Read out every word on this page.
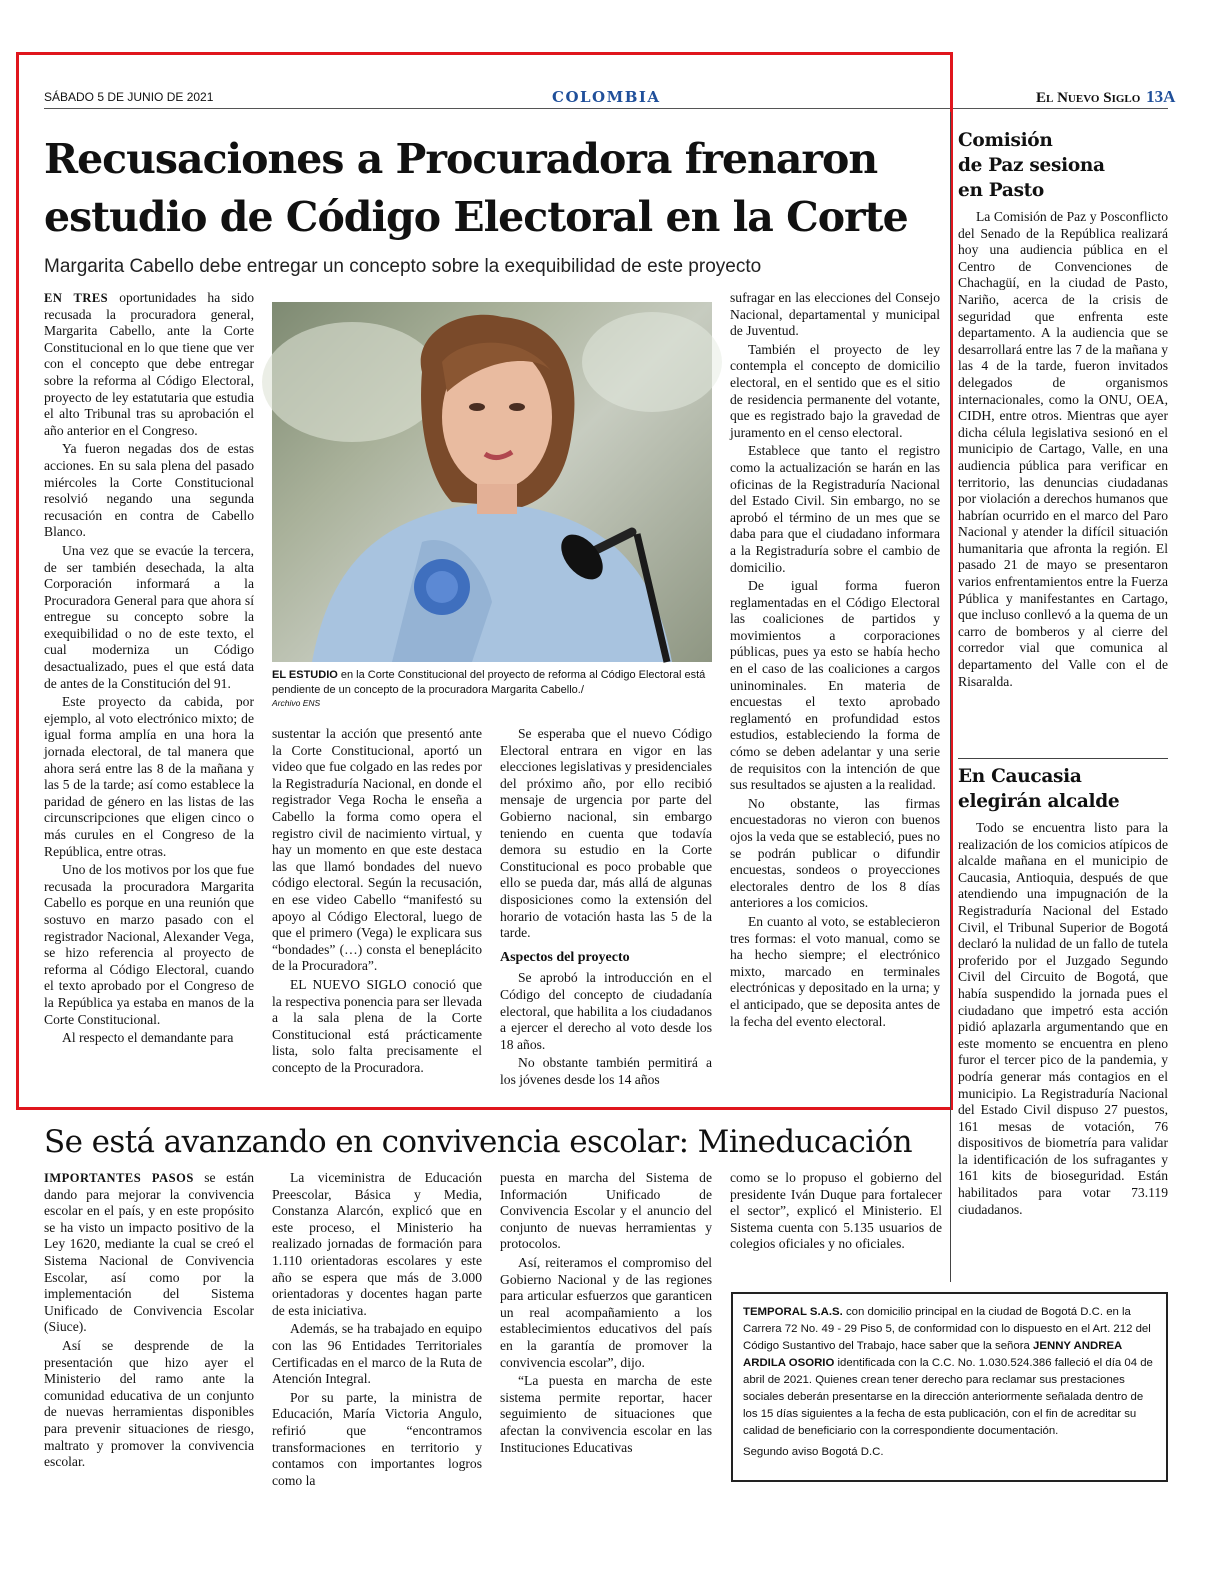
SÁBADO 5 DE JUNIO DE 2021	COLOMBIA	El Nuevo Siglo 13A
Recusaciones a Procuradora frenaron
estudio de Código Electoral en la Corte
Margarita Cabello debe entregar un concepto sobre la exequibilidad de este proyecto

EN TRES oportunidades ha sido recusada la procuradora general, Margarita Cabello, ante la Corte Constitucional en lo que tiene que ver con el concepto que debe entregar sobre la reforma al Código Electoral, proyecto de ley estatutaria que estudia el alto Tribunal tras su aprobación el año anterior en el Congreso.

Ya fueron negadas dos de estas acciones. En su sala plena del pasado miércoles la Corte Constitucional resolvió negando una segunda recusación en contra de Cabello Blanco.

Una vez que se evacúe la tercera, de ser también desechada, la alta Corporación informará a la Procuradora General para que ahora sí entregue su concepto sobre la exequibilidad o no de este texto, el cual moderniza un Código desactualizado, pues el que está data de antes de la Constitución del 91.

Este proyecto da cabida, por ejemplo, al voto electrónico mixto; de igual forma amplía en una hora la jornada electoral, de tal manera que ahora será entre las 8 de la mañana y las 5 de la tarde; así como establece la paridad de género en las listas de las circunscripciones que eligen cinco o más curules en el Congreso de la República, entre otras.

Uno de los motivos por los que fue recusada la procuradora Margarita Cabello es porque en una reunión que sostuvo en marzo pasado con el registrador Nacional, Alexander Vega, se hizo referencia al proyecto de reforma al Código Electoral, cuando el texto aprobado por el Congreso de la República ya estaba en manos de la Corte Constitucional.

Al respecto el demandante para

EL ESTUDIO en la Corte Constitucional del proyecto de reforma al Código Electoral está pendiente de un concepto de la procuradora Margarita Cabello./
Archivo ENS

sustentar la acción que presentó ante la Corte Constitucional, aportó un video que fue colgado en las redes por la Registraduría Nacional, en donde el registrador Vega Rocha le enseña a Cabello la forma como opera el registro civil de nacimiento virtual, y hay un momento en que este destaca las que llamó bondades del nuevo código electoral. Según la recusación, en ese video Cabello “manifestó su apoyo al Código Electoral, luego de que el primero (Vega) le explicara sus “bondades” (…) consta el beneplácito de la Procuradora”.

EL NUEVO SIGLO conoció que la respectiva ponencia para ser llevada a la sala plena de la Corte Constitucional está prácticamente lista, solo falta precisamente el concepto de la Procuradora.

Se esperaba que el nuevo Código Electoral entrara en vigor en las elecciones legislativas y presidenciales del próximo año, por ello recibió mensaje de urgencia por parte del Gobierno nacional, sin embargo teniendo en cuenta que todavía demora su estudio en la Corte Constitucional es poco probable que ello se pueda dar, más allá de algunas disposiciones como la extensión del horario de votación hasta las 5 de la tarde.

Aspectos del proyecto

Se aprobó la introducción en el Código del concepto de ciudadanía electoral, que habilita a los ciudadanos a ejercer el derecho al voto desde los 18 años.

No obstante también permitirá a los jóvenes desde los 14 años

sufragar en las elecciones del Consejo Nacional, departamental y municipal de Juventud.

También el proyecto de ley contempla el concepto de domicilio electoral, en el sentido que es el sitio de residencia permanente del votante, que es registrado bajo la gravedad de juramento en el censo electoral.

Establece que tanto el registro como la actualización se harán en las oficinas de la Registraduría Nacional del Estado Civil. Sin embargo, no se aprobó el término de un mes que se daba para que el ciudadano informara a la Registraduría sobre el cambio de domicilio.

De igual forma fueron reglamentadas en el Código Electoral las coaliciones de partidos y movimientos a corporaciones públicas, pues ya esto se había hecho en el caso de las coaliciones a cargos uninominales. En materia de encuestas el texto aprobado reglamentó en profundidad estos estudios, estableciendo la forma de cómo se deben adelantar y una serie de requisitos con la intención de que sus resultados se ajusten a la realidad.

No obstante, las firmas encuestadoras no vieron con buenos ojos la veda que se estableció, pues no se podrán publicar o difundir encuestas, sondeos o proyecciones electorales dentro de los 8 días anteriores a los comicios.

En cuanto al voto, se establecieron tres formas: el voto manual, como se ha hecho siempre; el electrónico mixto, marcado en terminales electrónicas y depositado en la urna; y el anticipado, que se deposita antes de la fecha del evento electoral.

Comisión
de Paz sesiona
en Pasto

La Comisión de Paz y Posconflicto del Senado de la República realizará hoy una audiencia pública en el Centro de Convenciones de Chachagüí, en la ciudad de Pasto, Nariño, acerca de la crisis de seguridad que enfrenta este departamento. A la audiencia que se desarrollará entre las 7 de la mañana y las 4 de la tarde, fueron invitados delegados de organismos internacionales, como la ONU, OEA, CIDH, entre otros. Mientras que ayer dicha célula legislativa sesionó en el municipio de Cartago, Valle, en una audiencia pública para verificar en territorio, las denuncias ciudadanas por violación a derechos humanos que habrían ocurrido en el marco del Paro Nacional y atender la difícil situación humanitaria que afronta la región. El pasado 21 de mayo se presentaron varios enfrentamientos entre la Fuerza Pública y manifestantes en Cartago, que incluso conllevó a la quema de un carro de bomberos y al cierre del corredor vial que comunica al departamento del Valle con el de Risaralda.

En Caucasia
elegirán alcalde

Todo se encuentra listo para la realización de los comicios atípicos de alcalde mañana en el municipio de Caucasia, Antioquia, después de que atendiendo una impugnación de la Registraduría Nacional del Estado Civil, el Tribunal Superior de Bogotá declaró la nulidad de un fallo de tutela proferido por el Juzgado Segundo Civil del Circuito de Bogotá, que había suspendido la jornada pues el ciudadano que impetró esta acción pidió aplazarla argumentando que en este momento se encuentra en pleno furor el tercer pico de la pandemia, y podría generar más contagios en el municipio. La Registraduría Nacional del Estado Civil dispuso 27 puestos, 161 mesas de votación, 76 dispositivos de biometría para validar la identificación de los sufragantes y 161 kits de bioseguridad. Están habilitados para votar 73.119 ciudadanos.

Se está avanzando en convivencia escolar: Mineducación

IMPORTANTES PASOS se están dando para mejorar la convivencia escolar en el país, y en este propósito se ha visto un impacto positivo de la Ley 1620, mediante la cual se creó el Sistema Nacional de Convivencia Escolar, así como por la implementación del Sistema Unificado de Convivencia Escolar (Siuce).

Así se desprende de la presentación que hizo ayer el Ministerio del ramo ante la comunidad educativa de un conjunto de nuevas herramientas disponibles para prevenir situaciones de riesgo, maltrato y promover la convivencia escolar.

La viceministra de Educación Preescolar, Básica y Media, Constanza Alarcón, explicó que en este proceso, el Ministerio ha realizado jornadas de formación para 1.110 orientadoras escolares y este año se espera que más de 3.000 orientadoras y docentes hagan parte de esta iniciativa.

Además, se ha trabajado en equipo con las 96 Entidades Territoriales Certificadas en el marco de la Ruta de Atención Integral.

Por su parte, la ministra de Educación, María Victoria Angulo, refirió que “encontramos transformaciones en territorio y contamos con importantes logros como la

puesta en marcha del Sistema de Información Unificado de Convivencia Escolar y el anuncio del conjunto de nuevas herramientas y protocolos.

Así, reiteramos el compromiso del Gobierno Nacional y de las regiones para articular esfuerzos que garanticen un real acompañamiento a los establecimientos educativos del país en la garantía de promover la convivencia escolar”, dijo.

“La puesta en marcha de este sistema permite reportar, hacer seguimiento de situaciones que afectan la convivencia escolar en las Instituciones Educativas

como se lo propuso el gobierno del presidente Iván Duque para fortalecer el sector”, explicó el Ministerio. El Sistema cuenta con 5.135 usuarios de colegios oficiales y no oficiales.

TEMPORAL S.A.S. con domicilio principal en la ciudad de Bogotá D.C. en la Carrera 72 No. 49 - 29 Piso 5, de conformidad con lo dispuesto en el Art. 212 del Código Sustantivo del Trabajo, hace saber que la señora JENNY ANDREA ARDILA OSORIO identificada con la C.C. No. 1.030.524.386 falleció el día 04 de abril de 2021. Quienes crean tener derecho para reclamar sus prestaciones sociales deberán presentarse en la dirección anteriormente señalada dentro de los 15 días siguientes a la fecha de esta publicación, con el fin de acreditar su calidad de beneficiario con la correspondiente documentación.
Segundo aviso Bogotá D.C.
